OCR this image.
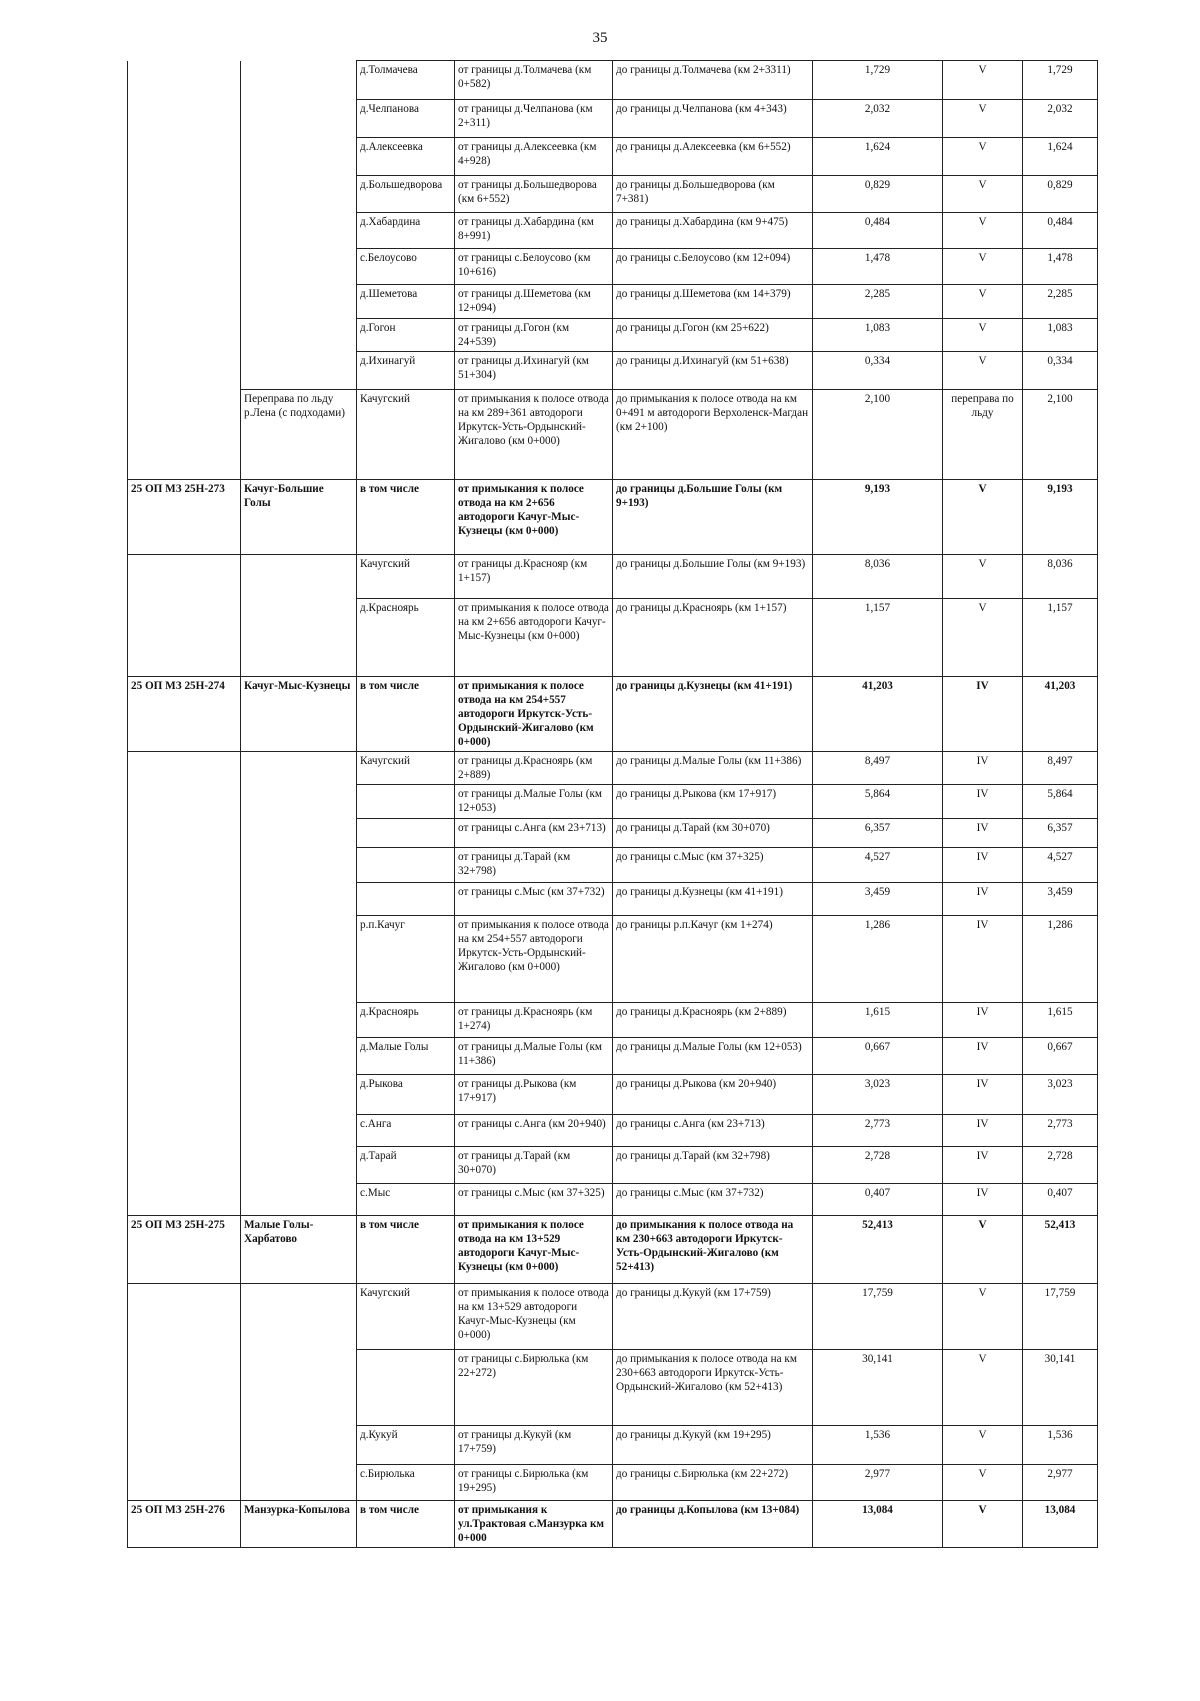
35
		д.Толмачева	от границы д.Толмачева (км 0+582)	до границы д.Толмачева (км 2+3311)	1,729	V	1,729
		д.Челпанова	от границы д.Челпанова (км 2+311)	до границы д.Челпанова (км 4+343)	2,032	V	2,032
		д.Алексеевка	от границы д.Алексеевка (км 4+928)	до границы д.Алексеевка (км 6+552)	1,624	V	1,624
		д.Большедворова	от границы д.Большедворова (км 6+552)	до границы д.Большедворова (км 7+381)	0,829	V	0,829
		д.Хабардина	от границы д.Хабардина (км 8+991)	до границы д.Хабардина (км 9+475)	0,484	V	0,484
		с.Белоусово	от границы с.Белоусово (км 10+616)	до границы с.Белоусово (км 12+094)	1,478	V	1,478
		д.Шеметова	от границы д.Шеметова (км 12+094)	до границы д.Шеметова (км 14+379)	2,285	V	2,285
		д.Гогон	от границы д.Гогон (км 24+539)	до границы д.Гогон (км 25+622)	1,083	V	1,083
		д.Ихинагуй	от границы д.Ихинагуй (км 51+304)	до границы д.Ихинагуй (км 51+638)	0,334	V	0,334
	Переправа по льду р.Лена (с подходами)	Качугский	от примыкания к полосе отвода на км 289+361 автодороги Иркутск-Усть-Ордынский-Жигалово (км 0+000)	до примыкания к полосе отвода на км 0+491 м автодороги Верхоленск-Магдан (км 2+100)	2,100	переправа по льду	2,100
25 ОП МЗ 25Н-273	Качуг-Большие Голы	в том числе	от примыкания к полосе отвода на км 2+656 автодороги Качуг-Мыс-Кузнецы (км 0+000)	до границы д.Большие Голы (км 9+193)	9,193	V	9,193
		Качугский	от границы д.Краснояр (км 1+157)	до границы д.Большие Голы (км 9+193)	8,036	V	8,036
		д.Красноярь	от примыкания к полосе отвода на км 2+656 автодороги Качуг-Мыс-Кузнецы (км 0+000)	до границы д.Красноярь (км 1+157)	1,157	V	1,157
25 ОП МЗ 25Н-274	Качуг-Мыс-Кузнецы	в том числе	от примыкания к полосе отвода на км 254+557 автодороги Иркутск-Усть-Ордынский-Жигалово (км 0+000)	до границы д.Кузнецы (км 41+191)	41,203	IV	41,203
		Качугский	от границы д.Красноярь (км 2+889)	до границы д.Малые Голы (км 11+386)	8,497	IV	8,497
			от границы д.Малые Голы (км 12+053)	до границы д.Рыкова (км 17+917)	5,864	IV	5,864
			от границы с.Анга (км 23+713)	до границы д.Тарай (км 30+070)	6,357	IV	6,357
			от границы д.Тарай (км 32+798)	до границы с.Мыс (км 37+325)	4,527	IV	4,527
			от границы с.Мыс (км 37+732)	до границы д.Кузнецы (км 41+191)	3,459	IV	3,459
		р.п.Качуг	от примыкания к полосе отвода на км 254+557 автодороги Иркутск-Усть-Ордынский-Жигалово (км 0+000)	до границы р.п.Качуг (км 1+274)	1,286	IV	1,286
		д.Красноярь	от границы д.Красноярь (км 1+274)	до границы д.Красноярь (км 2+889)	1,615	IV	1,615
		д.Малые Голы	от границы д.Малые Голы (км 11+386)	до границы д.Малые Голы (км 12+053)	0,667	IV	0,667
		д.Рыкова	от границы д.Рыкова (км 17+917)	до границы д.Рыкова (км 20+940)	3,023	IV	3,023
		с.Анга	от границы с.Анга (км 20+940)	до границы с.Анга (км 23+713)	2,773	IV	2,773
		д.Тарай	от границы д.Тарай (км 30+070)	до границы д.Тарай (км 32+798)	2,728	IV	2,728
		с.Мыс	от границы с.Мыс (км 37+325)	до границы с.Мыс (км 37+732)	0,407	IV	0,407
25 ОП МЗ 25Н-275	Малые Голы-Харбатово	в том числе	от примыкания к полосе отвода на км 13+529 автодороги Качуг-Мыс-Кузнецы (км 0+000)	до примыкания к полосе отвода на км 230+663 автодороги Иркутск-Усть-Ордынский-Жигалово (км 52+413)	52,413	V	52,413
		Качугский	от примыкания к полосе отвода на км 13+529 автодороги Качуг-Мыс-Кузнецы (км 0+000)	до границы д.Кукуй (км 17+759)	17,759	V	17,759
			от границы с.Бирюлька (км 22+272)	до примыкания к полосе отвода на км 230+663 автодороги Иркутск-Усть-Ордынский-Жигалово (км 52+413)	30,141	V	30,141
		д.Кукуй	от границы д.Кукуй (км 17+759)	до границы д.Кукуй (км 19+295)	1,536	V	1,536
		с.Бирюлька	от границы с.Бирюлька (км 19+295)	до границы с.Бирюлька (км 22+272)	2,977	V	2,977
25 ОП МЗ 25Н-276	Манзурка-Копылова	в том числе	от примыкания к ул.Трактовая с.Манзурка км 0+000	до границы д.Копылова (км 13+084)	13,084	V	13,084
